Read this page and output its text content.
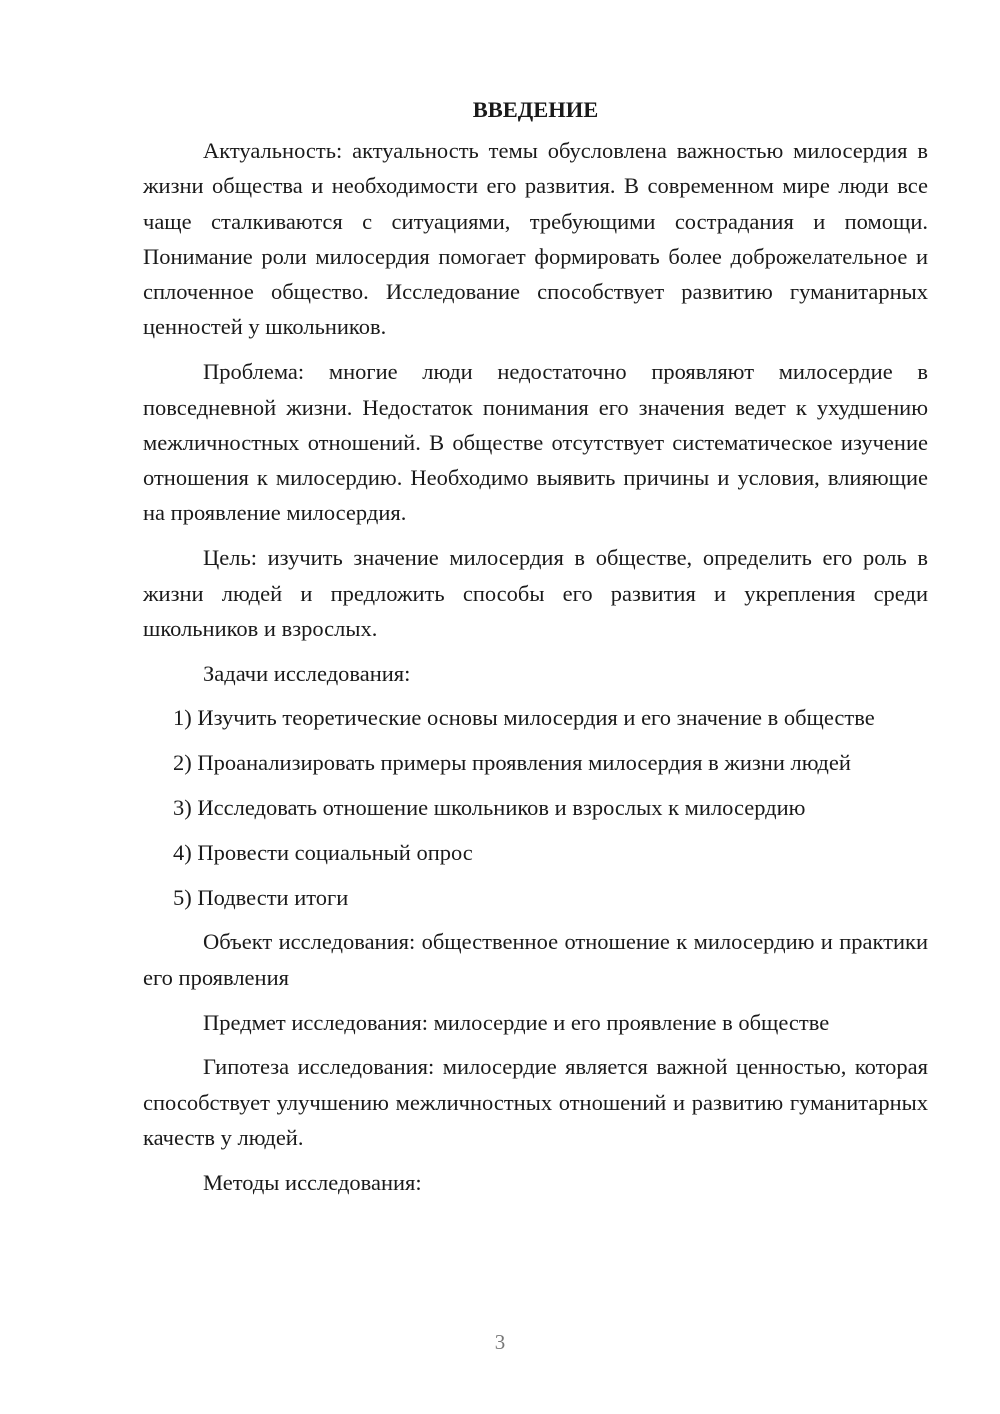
ВВЕДЕНИЕ

Актуальность: актуальность темы обусловлена важностью милосердия в жизни общества и необходимости его развития. В современном мире люди все чаще сталкиваются с ситуациями, требующими сострадания и помощи. Понимание роли милосердия помогает формировать более доброжелательное и сплоченное общество. Исследование способствует развитию гуманитарных ценностей у школьников.

Проблема: многие люди недостаточно проявляют милосердие в повседневной жизни. Недостаток понимания его значения ведет к ухудшению межличностных отношений. В обществе отсутствует систематическое изучение отношения к милосердию. Необходимо выявить причины и условия, влияющие на проявление милосердия.

Цель: изучить значение милосердия в обществе, определить его роль в жизни людей и предложить способы его развития и укрепления среди школьников и взрослых.

Задачи исследования:

1) Изучить теоретические основы милосердия и его значение в обществе

2) Проанализировать примеры проявления милосердия в жизни людей

3) Исследовать отношение школьников и взрослых к милосердию

4) Провести социальный опрос

5) Подвести итоги

Объект исследования: общественное отношение к милосердию и практики его проявления

Предмет исследования: милосердие и его проявление в обществе

Гипотеза исследования: милосердие является важной ценностью, которая способствует улучшению межличностных отношений и развитию гуманитарных качеств у людей.

Методы исследования:

3
